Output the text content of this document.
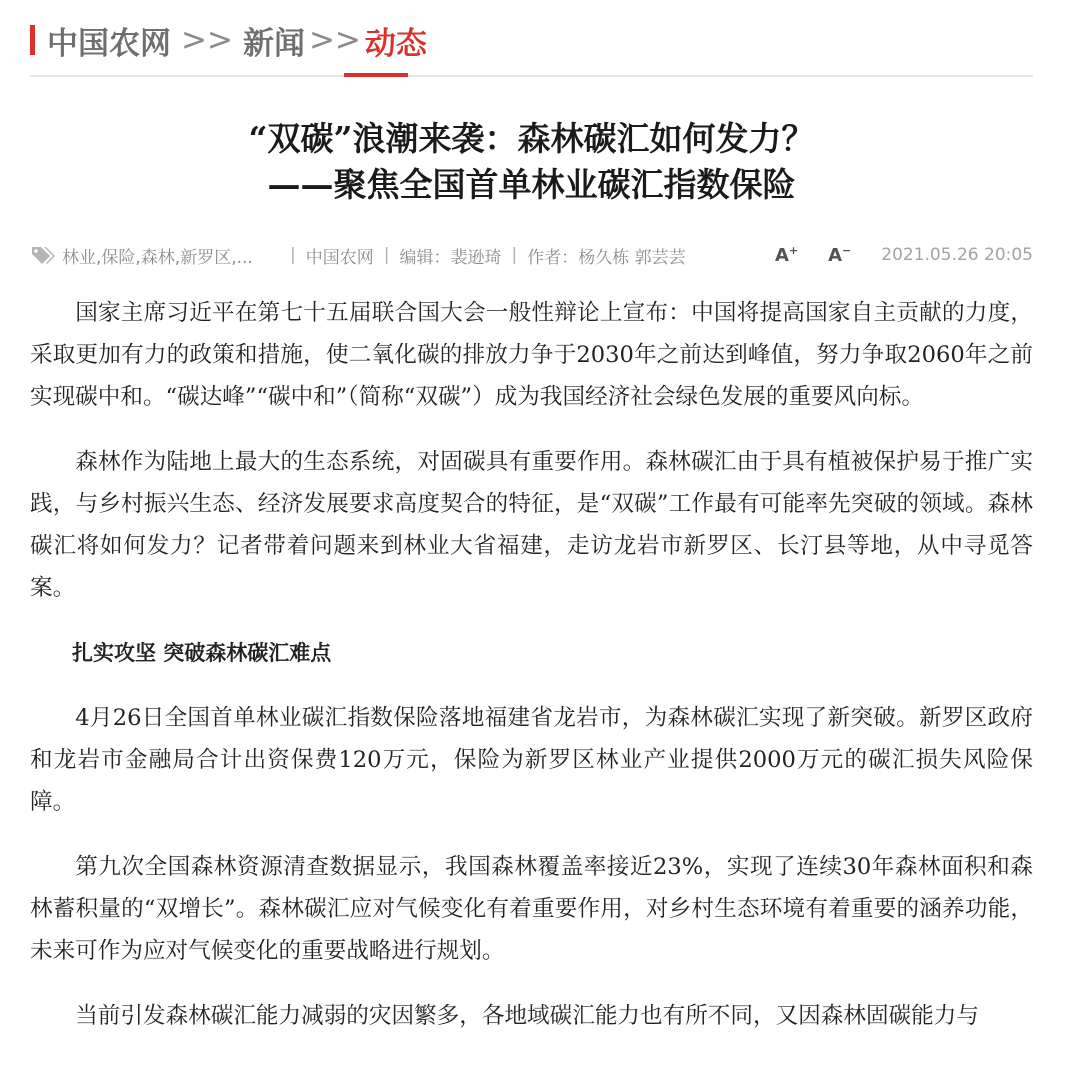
中国农网 >> 新闻 >> 动态
“双碳”浪潮来袭：森林碳汇如何发力？
——聚焦全国首单林业碳汇指数保险
林业,保险,森林,新罗区,...	| 中国农网 | 编辑：裴逊琦 | 作者：杨久栋 郭芸芸	A+ A− 2021.05.26 20:05

国家主席习近平在第七十五届联合国大会一般性辩论上宣布：中国将提高国家自主贡献的力度，采取更加有力的政策和措施，使二氧化碳的排放力争于2030年之前达到峰值，努力争取2060年之前实现碳中和。“碳达峰”“碳中和”（简称“双碳”）成为我国经济社会绿色发展的重要风向标。

森林作为陆地上最大的生态系统，对固碳具有重要作用。森林碳汇由于具有植被保护易于推广实践，与乡村振兴生态、经济发展要求高度契合的特征，是“双碳”工作最有可能率先突破的领域。森林碳汇将如何发力？记者带着问题来到林业大省福建，走访龙岩市新罗区、长汀县等地，从中寻觅答案。

扎实攻坚 突破森林碳汇难点

4月26日全国首单林业碳汇指数保险落地福建省龙岩市，为森林碳汇实现了新突破。新罗区政府和龙岩市金融局合计出资保费120万元，保险为新罗区林业产业提供2000万元的碳汇损失风险保障。

第九次全国森林资源清查数据显示，我国森林覆盖率接近23%，实现了连续30年森林面积和森林蓄积量的“双增长”。森林碳汇应对气候变化有着重要作用，对乡村生态环境有着重要的涵养功能，未来可作为应对气候变化的重要战略进行规划。

当前引发森林碳汇能力减弱的灾因繁多，各地域碳汇能力也有所不同，又因森林固碳能力与
